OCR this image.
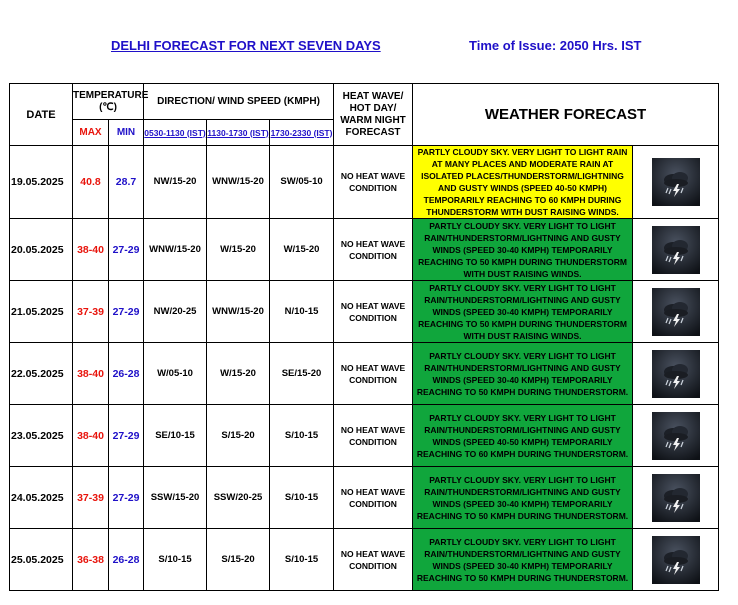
DELHI FORECAST FOR NEXT SEVEN DAYS	Time of Issue: 2050 Hrs. IST
DATE	TEMPERATURE (℃)		DIRECTION/ WIND SPEED (KMPH)			HEAT WAVE/ HOT DAY/ WARM NIGHT FORECAST	WEATHER FORECAST	
	MAX	MIN	0530-1130 (IST)	1130-1730 (IST)	1730-2330 (IST)			

19.05.2025	40.8	28.7	NW/15-20	WNW/15-20	SW/05-10	NO HEAT WAVE CONDITION	PARTLY CLOUDY SKY. VERY LIGHT TO LIGHT RAIN AT MANY PLACES AND MODERATE RAIN AT ISOLATED PLACES/THUNDERSTORM/LIGHTNING AND GUSTY WINDS (SPEED 40-50 KMPH) TEMPORARILY REACHING TO 60 KMPH DURING THUNDERSTORM WITH DUST RAISING WINDS.	

20.05.2025	38-40	27-29	WNW/15-20	W/15-20	W/15-20	NO HEAT WAVE CONDITION	PARTLY CLOUDY SKY. VERY LIGHT TO LIGHT RAIN/THUNDERSTORM/LIGHTNING AND GUSTY WINDS (SPEED 30-40 KMPH) TEMPORARILY REACHING TO 50 KMPH DURING THUNDERSTORM WITH DUST RAISING WINDS.	

21.05.2025	37-39	27-29	NW/20-25	WNW/15-20	N/10-15	NO HEAT WAVE CONDITION	PARTLY CLOUDY SKY. VERY LIGHT TO LIGHT RAIN/THUNDERSTORM/LIGHTNING AND GUSTY WINDS (SPEED 30-40 KMPH) TEMPORARILY REACHING TO 50 KMPH DURING THUNDERSTORM WITH DUST RAISING WINDS.	

22.05.2025	38-40	26-28	W/05-10	W/15-20	SE/15-20	NO HEAT WAVE CONDITION	PARTLY CLOUDY SKY. VERY LIGHT TO LIGHT RAIN/THUNDERSTORM/LIGHTNING AND GUSTY WINDS (SPEED 30-40 KMPH) TEMPORARILY REACHING TO 50 KMPH DURING THUNDERSTORM.	

23.05.2025	38-40	27-29	SE/10-15	S/15-20	S/10-15	NO HEAT WAVE CONDITION	PARTLY CLOUDY SKY. VERY LIGHT TO LIGHT RAIN/THUNDERSTORM/LIGHTNING AND GUSTY WINDS (SPEED 40-50 KMPH) TEMPORARILY REACHING TO 60 KMPH DURING THUNDERSTORM.	

24.05.2025	37-39	27-29	SSW/15-20	SSW/20-25	S/10-15	NO HEAT WAVE CONDITION	PARTLY CLOUDY SKY. VERY LIGHT TO LIGHT RAIN/THUNDERSTORM/LIGHTNING AND GUSTY WINDS (SPEED 30-40 KMPH) TEMPORARILY REACHING TO 50 KMPH DURING THUNDERSTORM.	

25.05.2025	36-38	26-28	S/10-15	S/15-20	S/10-15	NO HEAT WAVE CONDITION	PARTLY CLOUDY SKY. VERY LIGHT TO LIGHT RAIN/THUNDERSTORM/LIGHTNING AND GUSTY WINDS (SPEED 30-40 KMPH) TEMPORARILY REACHING TO 50 KMPH DURING THUNDERSTORM.	
